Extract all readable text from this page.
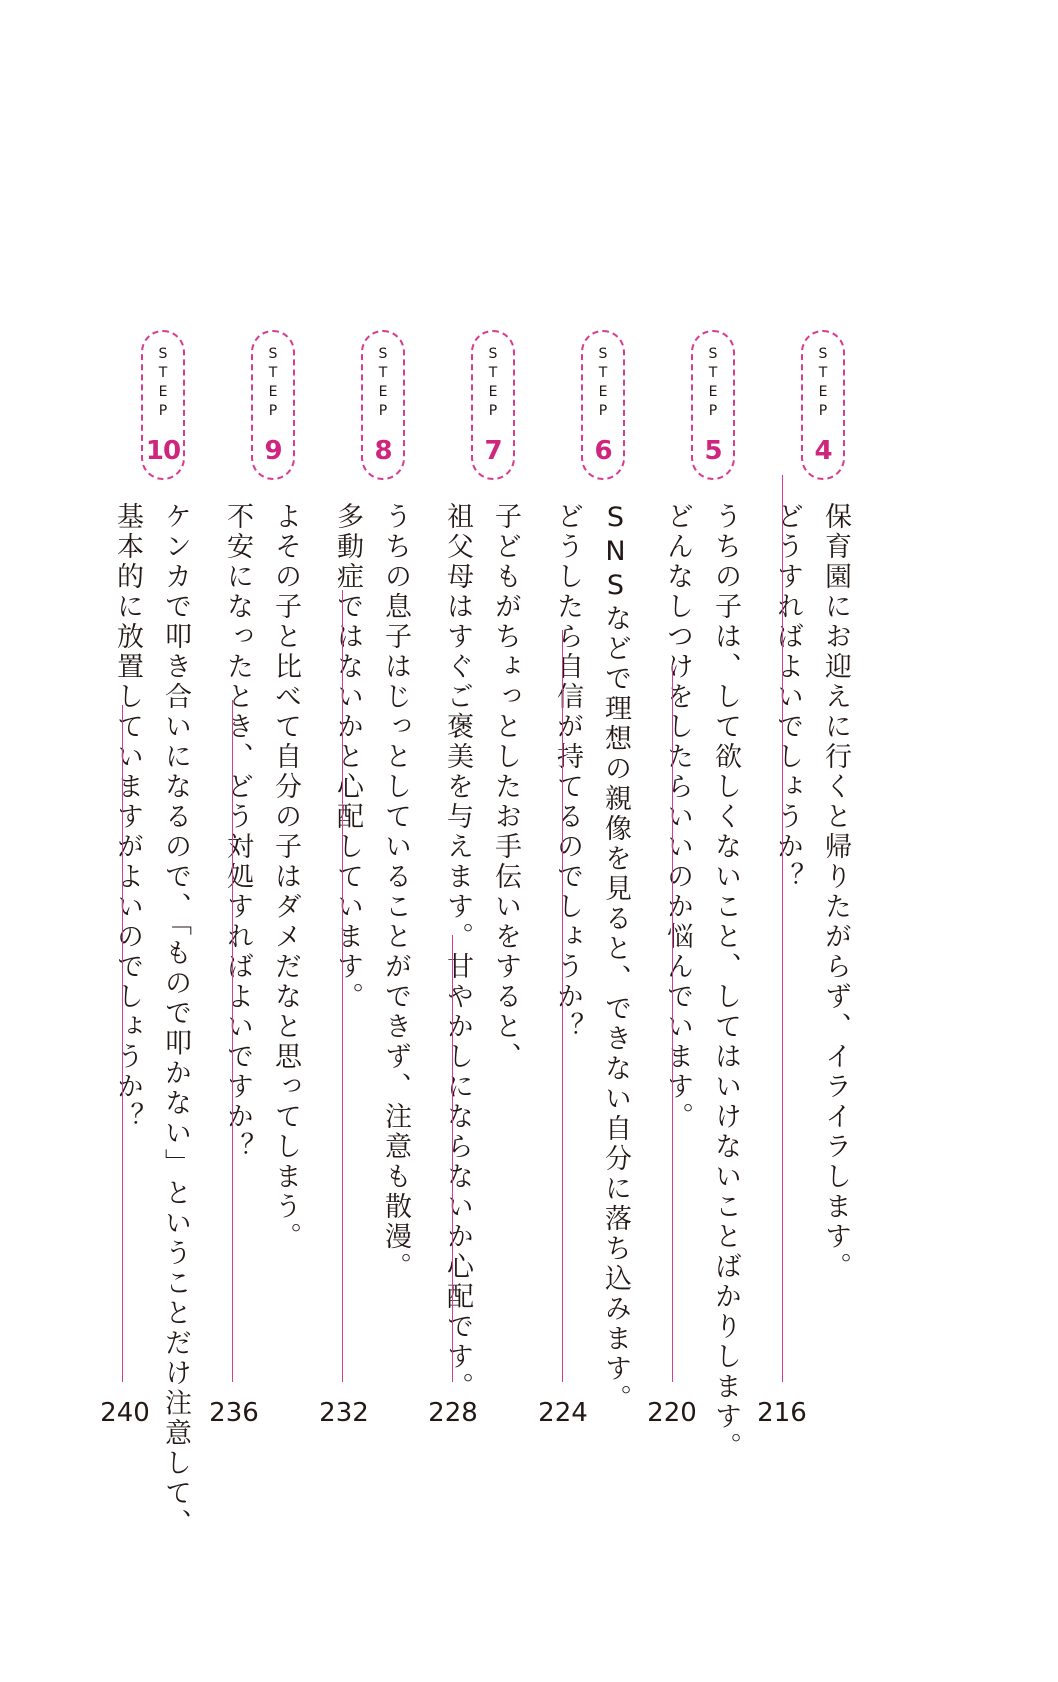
STEP
4
保育園にお迎えに行くと帰りたがらず、イライラします。
どうすればよいでしょうか？
216
STEP
5
うちの子は、して欲しくないこと、してはいけないことばかりします。
どんなしつけをしたらいいのか悩んでいます。
220
STEP
6
SNSなどで理想の親像を見ると、できない自分に落ち込みます。
どうしたら自信が持てるのでしょうか？
224
STEP
7
子どもがちょっとしたお手伝いをすると、
祖父母はすぐご褒美を与えます。甘やかしにならないか心配です。
228
STEP
8
うちの息子はじっとしていることができず、注意も散漫。
多動症ではないかと心配しています。
232
STEP
9
よその子と比べて自分の子はダメだなと思ってしまう。
不安になったとき、どう対処すればよいですか？
236
STEP
10
ケンカで叩き合いになるので、「もので叩かない」ということだけ注意して、
基本的に放置していますがよいのでしょうか？
240
